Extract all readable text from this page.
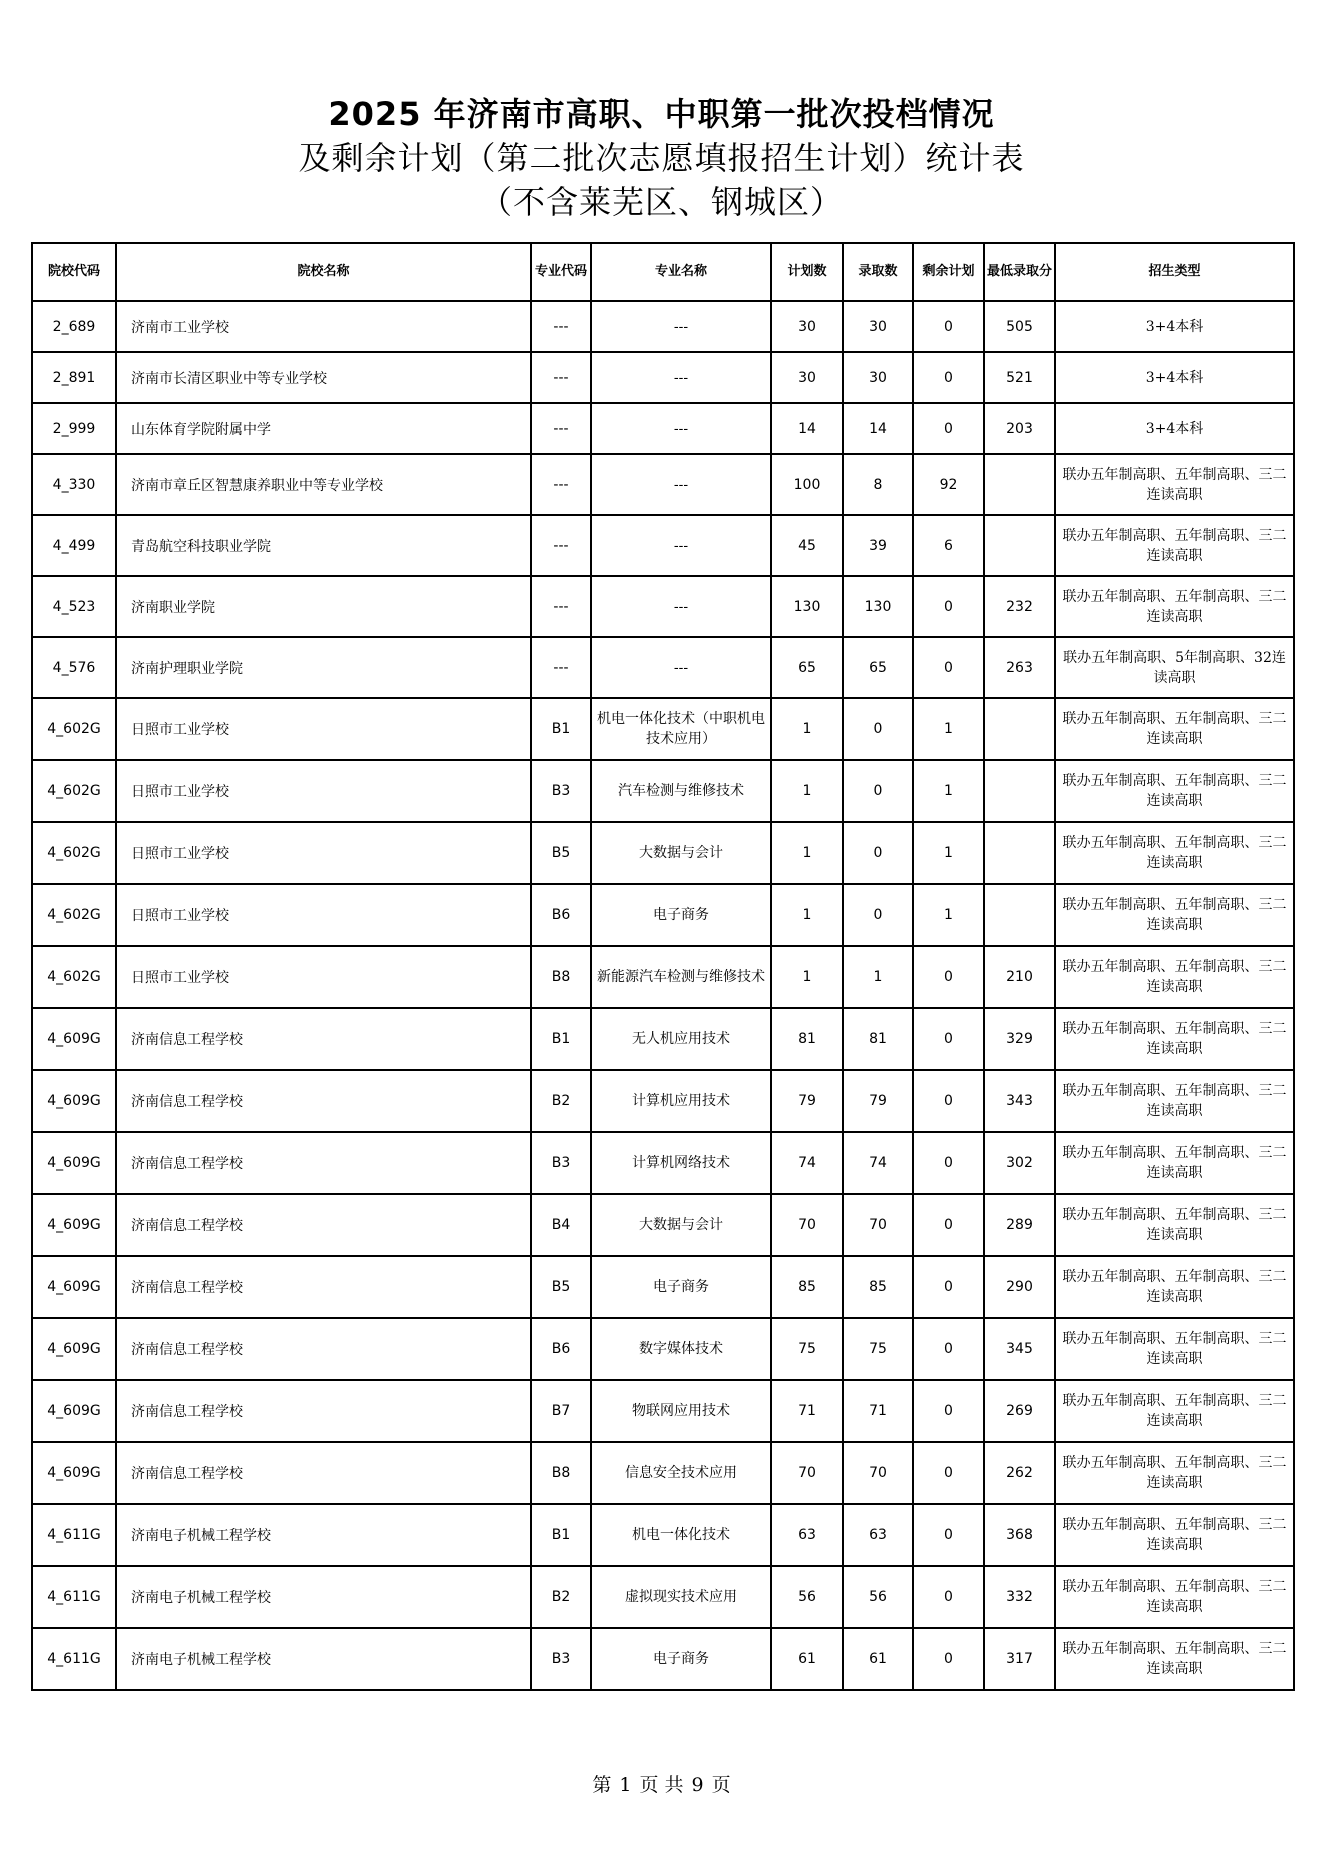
2025 年济南市高职、中职第一批次投档情况
及剩余计划（第二批次志愿填报招生计划）统计表
（不含莱芜区、钢城区）
院校代码	院校名称	专业代码	专业名称	计划数	录取数	剩余计划	最低录取分	招生类型
2_689	济南市工业学校	---	---	30	30	0	505	3+4本科
2_891	济南市长清区职业中等专业学校	---	---	30	30	0	521	3+4本科
2_999	山东体育学院附属中学	---	---	14	14	0	203	3+4本科
4_330	济南市章丘区智慧康养职业中等专业学校	---	---	100	8	92		联办五年制高职、五年制高职、三二连读高职
4_499	青岛航空科技职业学院	---	---	45	39	6		联办五年制高职、五年制高职、三二连读高职
4_523	济南职业学院	---	---	130	130	0	232	联办五年制高职、五年制高职、三二连读高职
4_576	济南护理职业学院	---	---	65	65	0	263	联办五年制高职、5年制高职、32连读高职
4_602G	日照市工业学校	B1	机电一体化技术（中职机电技术应用）	1	0	1		联办五年制高职、五年制高职、三二连读高职
4_602G	日照市工业学校	B3	汽车检测与维修技术	1	0	1		联办五年制高职、五年制高职、三二连读高职
4_602G	日照市工业学校	B5	大数据与会计	1	0	1		联办五年制高职、五年制高职、三二连读高职
4_602G	日照市工业学校	B6	电子商务	1	0	1		联办五年制高职、五年制高职、三二连读高职
4_602G	日照市工业学校	B8	新能源汽车检测与维修技术	1	1	0	210	联办五年制高职、五年制高职、三二连读高职
4_609G	济南信息工程学校	B1	无人机应用技术	81	81	0	329	联办五年制高职、五年制高职、三二连读高职
4_609G	济南信息工程学校	B2	计算机应用技术	79	79	0	343	联办五年制高职、五年制高职、三二连读高职
4_609G	济南信息工程学校	B3	计算机网络技术	74	74	0	302	联办五年制高职、五年制高职、三二连读高职
4_609G	济南信息工程学校	B4	大数据与会计	70	70	0	289	联办五年制高职、五年制高职、三二连读高职
4_609G	济南信息工程学校	B5	电子商务	85	85	0	290	联办五年制高职、五年制高职、三二连读高职
4_609G	济南信息工程学校	B6	数字媒体技术	75	75	0	345	联办五年制高职、五年制高职、三二连读高职
4_609G	济南信息工程学校	B7	物联网应用技术	71	71	0	269	联办五年制高职、五年制高职、三二连读高职
4_609G	济南信息工程学校	B8	信息安全技术应用	70	70	0	262	联办五年制高职、五年制高职、三二连读高职
4_611G	济南电子机械工程学校	B1	机电一体化技术	63	63	0	368	联办五年制高职、五年制高职、三二连读高职
4_611G	济南电子机械工程学校	B2	虚拟现实技术应用	56	56	0	332	联办五年制高职、五年制高职、三二连读高职
4_611G	济南电子机械工程学校	B3	电子商务	61	61	0	317	联办五年制高职、五年制高职、三二连读高职
第 1 页 共 9 页
